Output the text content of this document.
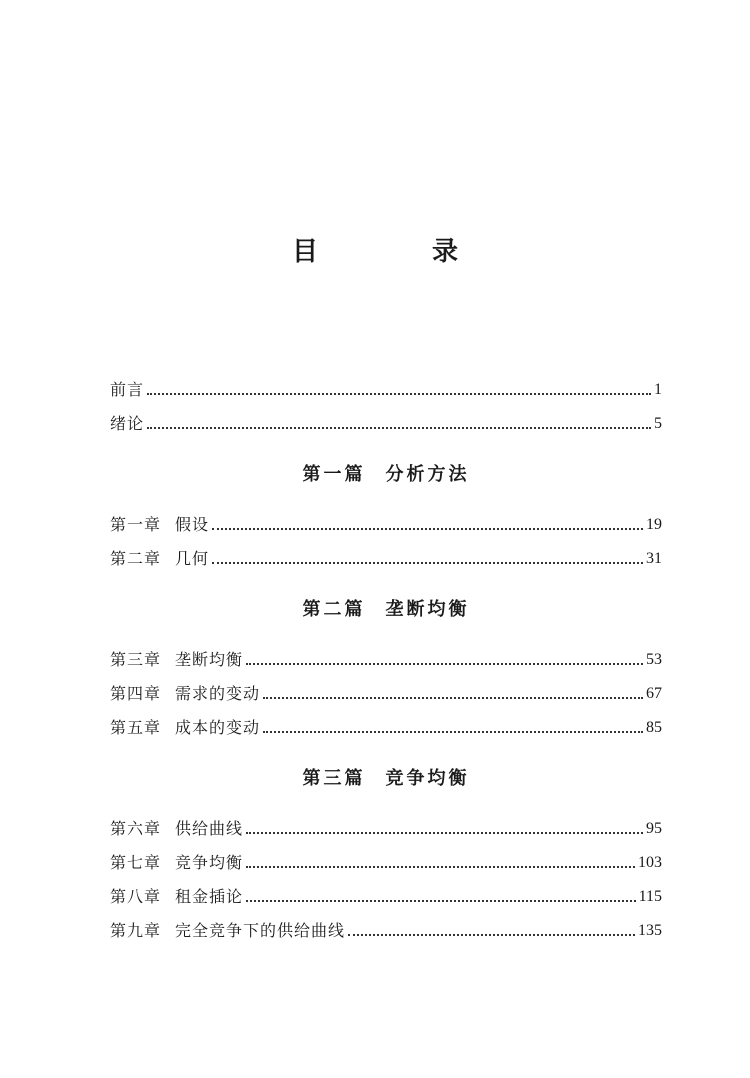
目　录
前言	1
绪论	5
第一章 假设	19
第二章 几何	31
第三章 垄断均衡	53
第四章 需求的变动	67
第五章 成本的变动	85
第六章 供给曲线	95
第七章 竞争均衡	103
第八章 租金插论	115
第九章 完全竞争下的供给曲线	135
第一篇 分析方法
第二篇 垄断均衡
第三篇 竞争均衡
